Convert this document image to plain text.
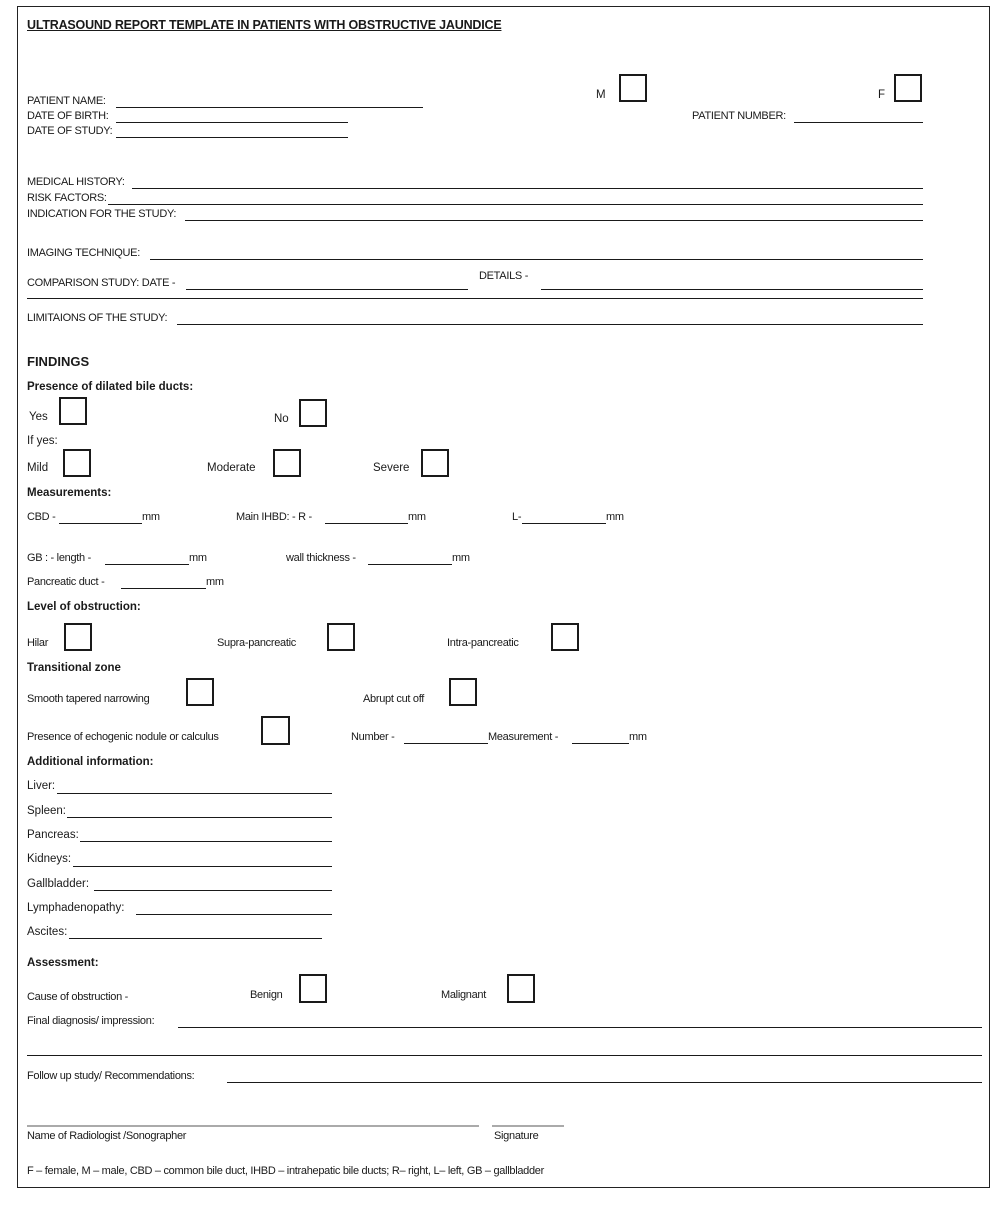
ULTRASOUND REPORT TEMPLATE IN PATIENTS WITH OBSTRUCTIVE JAUNDICE
M	F
PATIENT NAME:
DATE OF BIRTH:
DATE OF STUDY:
PATIENT NUMBER:
MEDICAL HISTORY:
RISK FACTORS:
INDICATION FOR THE STUDY:
IMAGING TECHNIQUE:
COMPARISON STUDY: DATE -
DETAILS -
LIMITAIONS OF THE STUDY:
FINDINGS
Presence of dilated bile ducts:
Yes	No
If yes:
Mild	Moderate	Severe
Measurements:
CBD -	mm	Main IHBD: - R -	mm	L-	mm
GB : - length -	mm	wall thickness -	mm
Pancreatic duct -	mm
Level of obstruction:
Hilar	Supra-pancreatic	Intra-pancreatic
Transitional zone
Smooth tapered narrowing	Abrupt cut off
Presence of echogenic nodule or calculus	Number -	Measurement -	mm
Additional information:
Liver:
Spleen:
Pancreas:
Kidneys:
Gallbladder:
Lymphadenopathy:
Ascites:
Assessment:
Cause of obstruction -	Benign	Malignant
Final diagnosis/ impression:
Follow up study/ Recommendations:
Name of Radiologist /Sonographer	Signature
F – female, M – male, CBD – common bile duct, IHBD – intrahepatic bile ducts; R– right, L– left, GB – gallbladder
